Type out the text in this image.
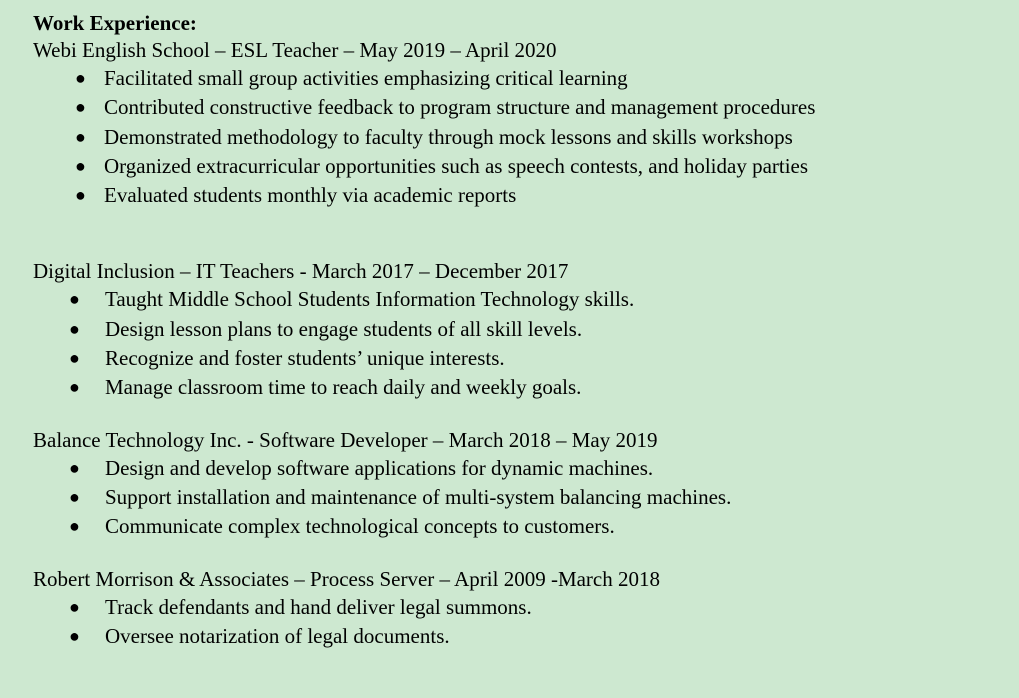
Work Experience:
Webi English School – ESL Teacher – May 2019 – April 2020
● Facilitated small group activities emphasizing critical learning
● Contributed constructive feedback to program structure and management procedures
● Demonstrated methodology to faculty through mock lessons and skills workshops
● Organized extracurricular opportunities such as speech contests, and holiday parties
● Evaluated students monthly via academic reports
Digital Inclusion – IT Teachers - March 2017 – December 2017
● Taught Middle School Students Information Technology skills.
● Design lesson plans to engage students of all skill levels.
● Recognize and foster students’ unique interests.
● Manage classroom time to reach daily and weekly goals.
Balance Technology Inc. - Software Developer – March 2018 – May 2019
● Design and develop software applications for dynamic machines.
● Support installation and maintenance of multi-system balancing machines.
● Communicate complex technological concepts to customers.
Robert Morrison & Associates – Process Server – April 2009 -March 2018
● Track defendants and hand deliver legal summons.
● Oversee notarization of legal documents.
